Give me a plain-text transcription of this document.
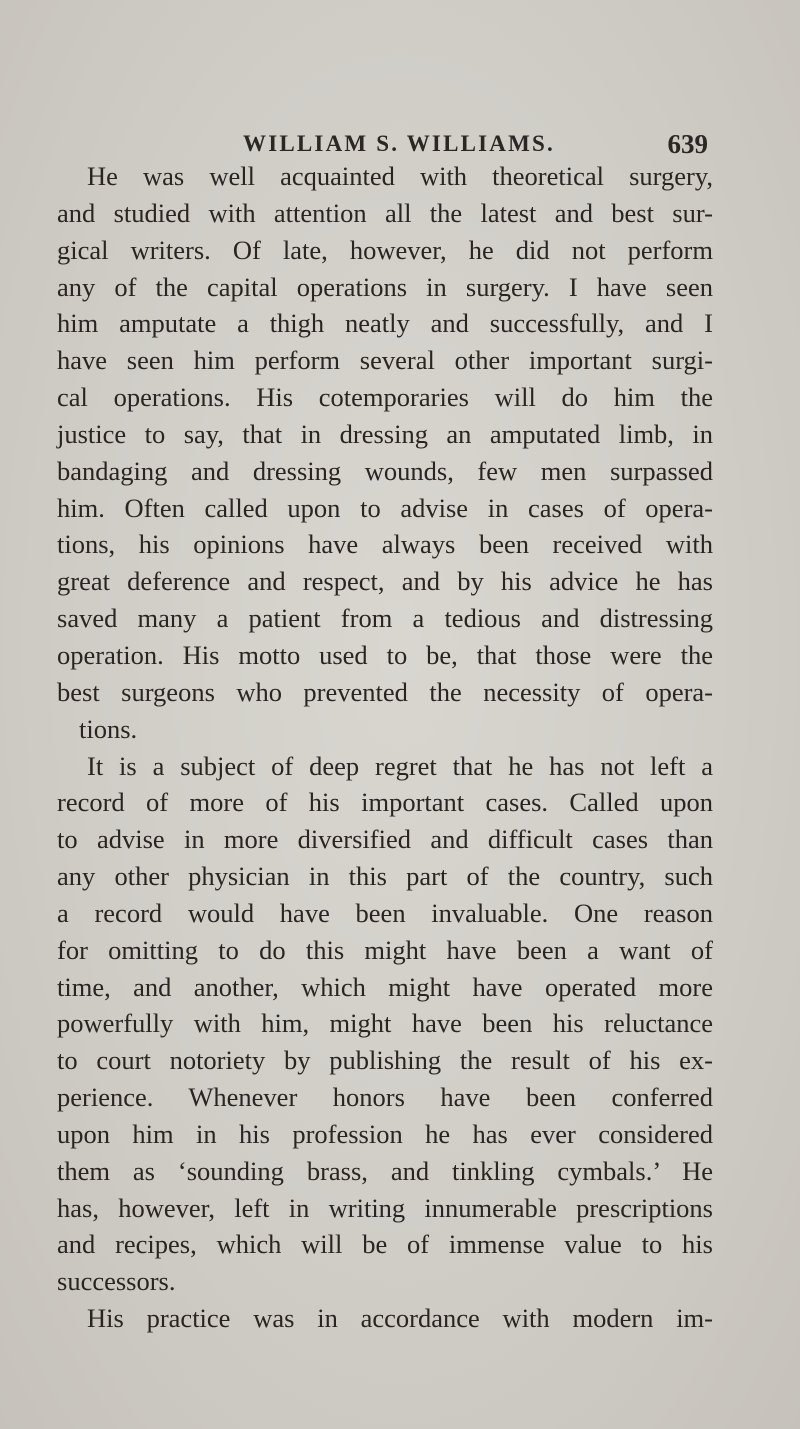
WILLIAM S. WILLIAMS.	639
He was well acquainted with theoretical surgery,
and studied with attention all the latest and best sur-
gical writers. Of late, however, he did not perform
any of the capital operations in surgery. I have seen
him amputate a thigh neatly and successfully, and I
have seen him perform several other important surgi-
cal operations. His cotemporaries will do him the
justice to say, that in dressing an amputated limb, in
bandaging and dressing wounds, few men surpassed
him. Often called upon to advise in cases of opera-
tions, his opinions have always been received with
great deference and respect, and by his advice he has
saved many a patient from a tedious and distressing
operation. His motto used to be, that those were the
best surgeons who prevented the necessity of opera-
tions.
It is a subject of deep regret that he has not left a
record of more of his important cases. Called upon
to advise in more diversified and difficult cases than
any other physician in this part of the country, such
a record would have been invaluable. One reason
for omitting to do this might have been a want of
time, and another, which might have operated more
powerfully with him, might have been his reluctance
to court notoriety by publishing the result of his ex-
perience. Whenever honors have been conferred
upon him in his profession he has ever considered
them as ‘sounding brass, and tinkling cymbals.’ He
has, however, left in writing innumerable prescriptions
and recipes, which will be of immense value to his
successors.
His practice was in accordance with modern im-
